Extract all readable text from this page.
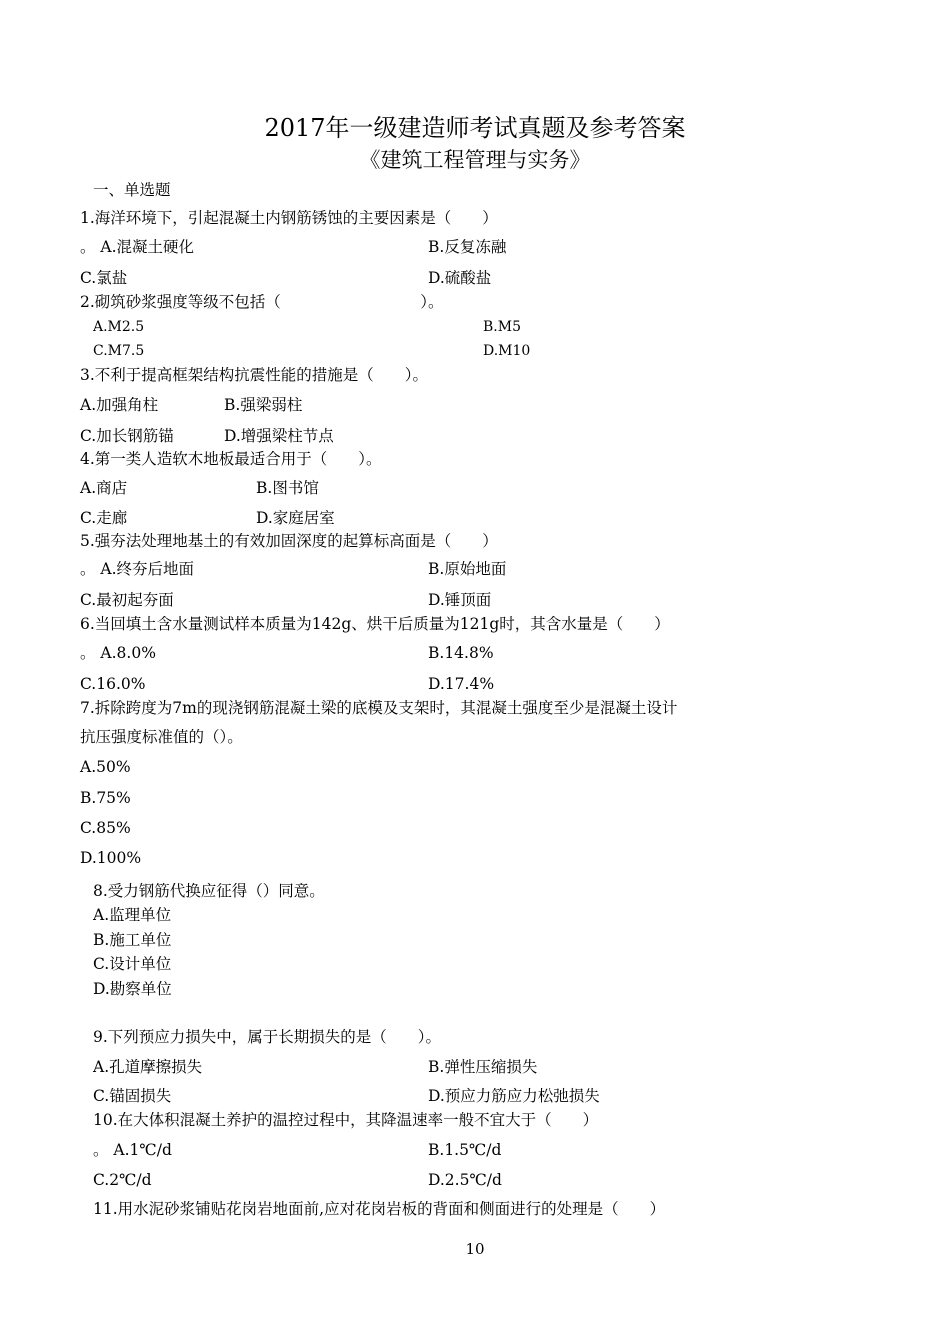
2017年一级建造师考试真题及参考答案
《建筑工程管理与实务》
一、单选题
1.海洋环境下，引起混凝土内钢筋锈蚀的主要因素是（　　）
。 A.混凝土硬化	B.反复冻融
C.氯盐	D.硫酸盐
2.砌筑砂浆强度等级不包括（　　　　　　　　　）。
A.M2.5	B.M5
C.M7.5	D.M10
3.不利于提高框架结构抗震性能的措施是（　　）。
A.加强角柱	B.强梁弱柱
C.加长钢筋锚	D.增强梁柱节点
4.第一类人造软木地板最适合用于（　　）。
A.商店	B.图书馆
C.走廊	D.家庭居室
5.强夯法处理地基土的有效加固深度的起算标高面是（　　）
。 A.终夯后地面	B.原始地面
C.最初起夯面	D.锤顶面
6.当回填土含水量测试样本质量为142g、烘干后质量为121g时，其含水量是（　　）
。 A.8.0%	B.14.8%
C.16.0%	D.17.4%
7.拆除跨度为7m的现浇钢筋混凝土梁的底模及支架时，其混凝土强度至少是混凝土设计
抗压强度标准值的（）。
A.50%
B.75%
C.85%
D.100%
8.受力钢筋代换应征得（）同意。
A.监理单位
B.施工单位
C.设计单位
D.勘察单位
9.下列预应力损失中，属于长期损失的是（　　）。
A.孔道摩擦损失	B.弹性压缩损失
C.锚固损失	D.预应力筋应力松弛损失
10.在大体积混凝土养护的温控过程中，其降温速率一般不宜大于（　　）
。 A.1℃/d	B.1.5℃/d
C.2℃/d	D.2.5℃/d
11.用水泥砂浆铺贴花岗岩地面前,应对花岗岩板的背面和侧面进行的处理是（　　）
10
